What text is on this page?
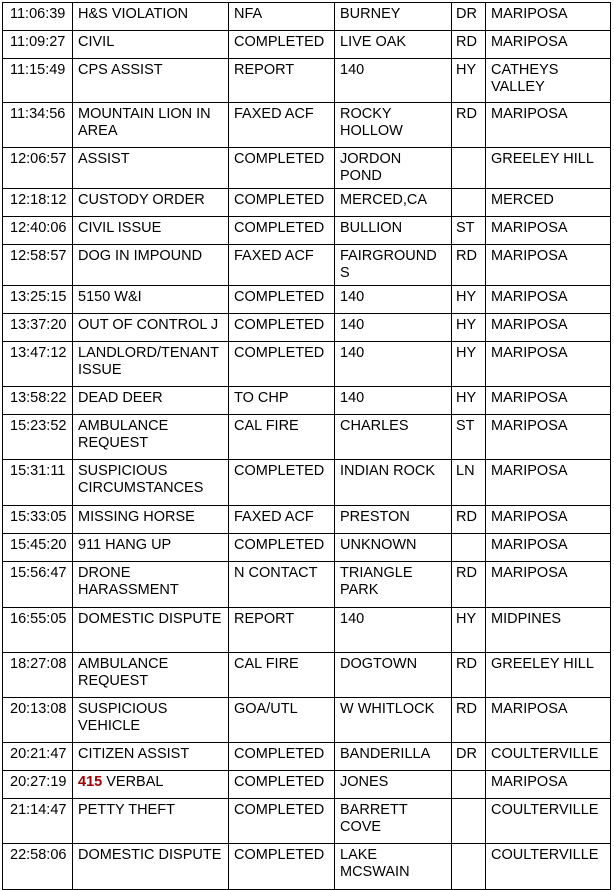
11:06:39	H&S VIOLATION	NFA	BURNEY	DR	MARIPOSA
11:09:27	CIVIL	COMPLETED	LIVE OAK	RD	MARIPOSA
11:15:49	CPS ASSIST	REPORT	140	HY	CATHEYS VALLEY
11:34:56	MOUNTAIN LION IN AREA	FAXED ACF	ROCKY HOLLOW	RD	MARIPOSA
12:06:57	ASSIST	COMPLETED	JORDON POND		GREELEY HILL
12:18:12	CUSTODY ORDER	COMPLETED	MERCED,CA		MERCED
12:40:06	CIVIL ISSUE	COMPLETED	BULLION	ST	MARIPOSA
12:58:57	DOG IN IMPOUND	FAXED ACF	FAIRGROUNDS	RD	MARIPOSA
13:25:15	5150 W&I	COMPLETED	140	HY	MARIPOSA
13:37:20	OUT OF CONTROL J	COMPLETED	140	HY	MARIPOSA
13:47:12	LANDLORD/TENANT ISSUE	COMPLETED	140	HY	MARIPOSA
13:58:22	DEAD DEER	TO CHP	140	HY	MARIPOSA
15:23:52	AMBULANCE REQUEST	CAL FIRE	CHARLES	ST	MARIPOSA
15:31:11	SUSPICIOUS CIRCUMSTANCES	COMPLETED	INDIAN ROCK	LN	MARIPOSA
15:33:05	MISSING HORSE	FAXED ACF	PRESTON	RD	MARIPOSA
15:45:20	911 HANG UP	COMPLETED	UNKNOWN		MARIPOSA
15:56:47	DRONE HARASSMENT	N CONTACT	TRIANGLE PARK	RD	MARIPOSA
16:55:05	DOMESTIC DISPUTE	REPORT	140	HY	MIDPINES
18:27:08	AMBULANCE REQUEST	CAL FIRE	DOGTOWN	RD	GREELEY HILL
20:13:08	SUSPICIOUS VEHICLE	GOA/UTL	W WHITLOCK	RD	MARIPOSA
20:21:47	CITIZEN ASSIST	COMPLETED	BANDERILLA	DR	COULTERVILLE
20:27:19	415 VERBAL	COMPLETED	JONES		MARIPOSA
21:14:47	PETTY THEFT	COMPLETED	BARRETT COVE		COULTERVILLE
22:58:06	DOMESTIC DISPUTE	COMPLETED	LAKE MCSWAIN		COULTERVILLE
